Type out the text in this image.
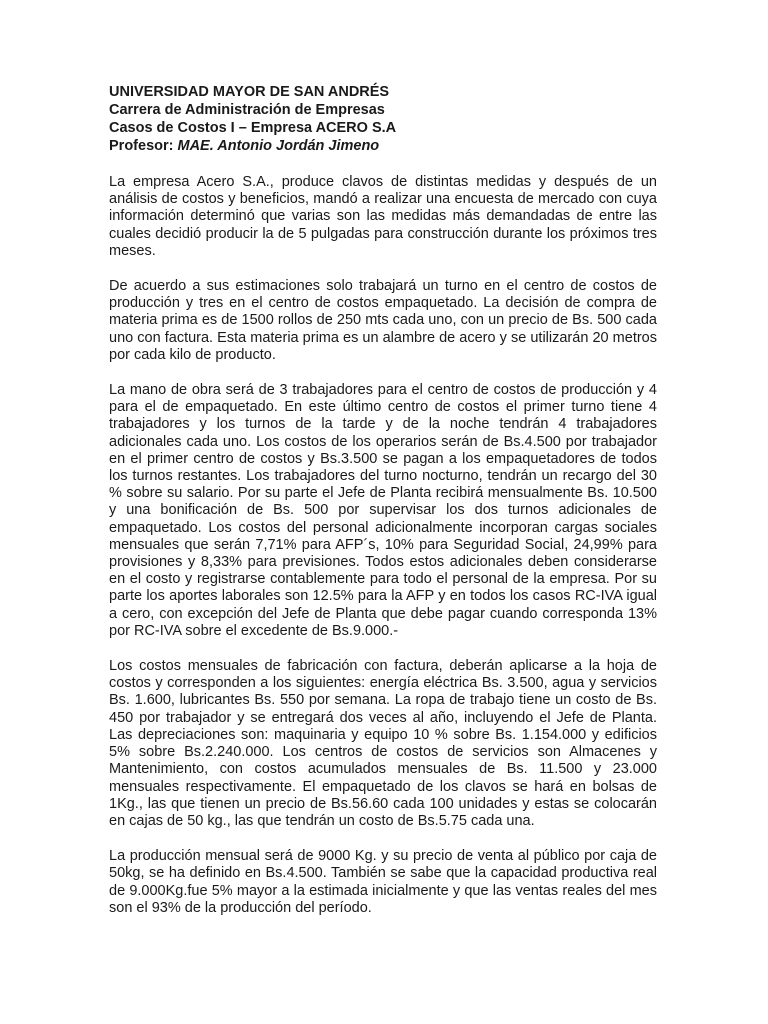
UNIVERSIDAD MAYOR DE SAN ANDRÉS

Carrera de Administración de Empresas

Casos de Costos I – Empresa ACERO S.A

Profesor: MAE. Antonio Jordán Jimeno

La empresa Acero S.A., produce clavos de distintas medidas y después de un análisis de costos y beneficios, mandó a realizar una encuesta de mercado con cuya información determinó que varias son las medidas más demandadas de entre las cuales decidió producir la de 5 pulgadas para construcción durante los próximos tres meses.

De acuerdo a sus estimaciones solo trabajará un turno en el centro de costos de producción y tres en el centro de costos empaquetado. La decisión de compra de materia prima es de 1500 rollos de 250 mts cada uno, con un precio de Bs. 500 cada uno con factura. Esta materia prima es un alambre de acero y se utilizarán 20 metros por cada kilo de producto.

La mano de obra será de 3 trabajadores para el centro de costos de producción y 4 para el de empaquetado. En este último centro de costos el primer turno tiene 4 trabajadores y los turnos de la tarde y de la noche tendrán 4 trabajadores adicionales cada uno. Los costos de los operarios serán de Bs.4.500 por trabajador en el primer centro de costos y Bs.3.500 se pagan a los empaquetadores de todos los turnos restantes. Los trabajadores del turno nocturno, tendrán un recargo del 30 % sobre su salario. Por su parte el Jefe de Planta recibirá mensualmente Bs. 10.500 y una bonificación de Bs. 500 por supervisar los dos turnos adicionales de empaquetado. Los costos del personal adicionalmente incorporan cargas sociales mensuales que serán 7,71% para AFP´s, 10% para Seguridad Social, 24,99% para provisiones y 8,33% para previsiones. Todos estos adicionales deben considerarse en el costo y registrarse contablemente para todo el personal de la empresa. Por su parte los aportes laborales son 12.5% para la AFP y en todos los casos RC-IVA igual a cero, con excepción del Jefe de Planta que debe pagar cuando corresponda 13% por RC-IVA sobre el excedente de Bs.9.000.-

Los costos mensuales de fabricación con factura, deberán aplicarse a la hoja de costos y corresponden a los siguientes: energía eléctrica Bs. 3.500, agua y servicios Bs. 1.600, lubricantes Bs. 550 por semana. La ropa de trabajo tiene un costo de Bs. 450 por trabajador y se entregará dos veces al año, incluyendo el Jefe de Planta. Las depreciaciones son: maquinaria y equipo 10 % sobre Bs. 1.154.000 y edificios 5% sobre Bs.2.240.000. Los centros de costos de servicios son Almacenes y Mantenimiento, con costos acumulados mensuales de Bs. 11.500 y 23.000 mensuales respectivamente. El empaquetado de los clavos se hará en bolsas de 1Kg., las que tienen un precio de Bs.56.60 cada 100 unidades y estas se colocarán en cajas de 50 kg., las que tendrán un costo de Bs.5.75 cada una.

La producción mensual será de 9000 Kg. y su precio de venta al público por caja de 50kg, se ha definido en Bs.4.500. También se sabe que la capacidad productiva real de 9.000Kg.fue 5% mayor a la estimada inicialmente y que las ventas reales del mes son el 93% de la producción del período.
